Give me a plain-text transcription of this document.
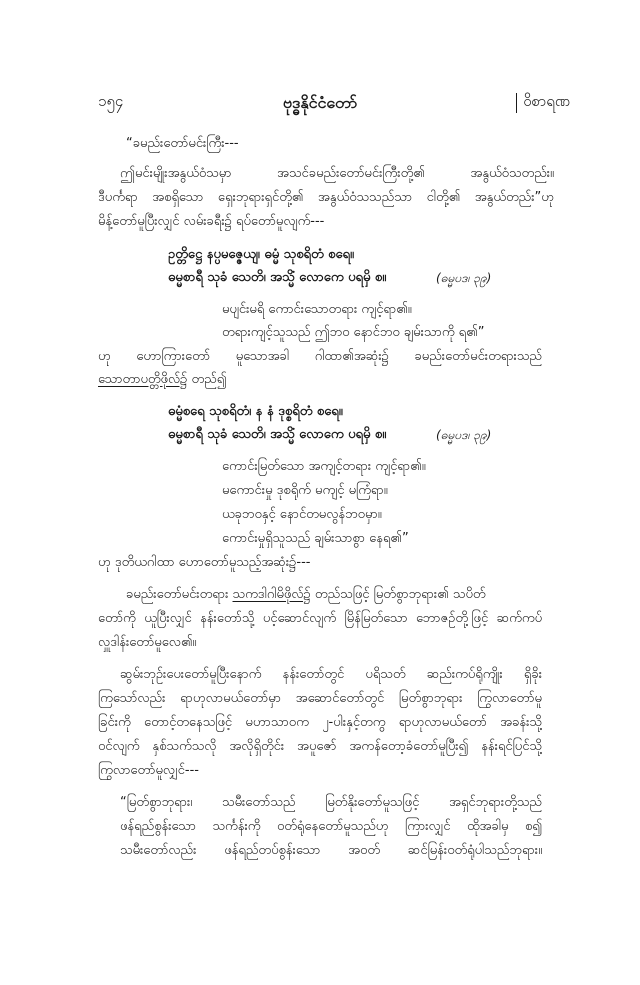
၁၅၄	ဗုဒ္ဓနိုင်ငံတော်	ဝိစာရဏ
“ခမည်းတော်မင်းကြီး---
ဤမင်းမျိုးအနွယ်ဝံသမှာ အသင်ခမည်းတော်မင်းကြီးတို့၏ အနွယ်ဝံသတည်း။
ဒီပင်္ကရာ အစရှိသော ရှေးဘုရားရှင်တို့၏ အနွယ်ဝံသသည်သာ ငါတို့၏ အနွယ်တည်း”ဟု
မိန့်တော်မူပြီးလျှင် လမ်းခရီး၌ ရပ်တော်မူလျက်---
ဥတ္တိဋ္ဌေ နပ္ပမဇ္ဇေယျ၊ ဓမ္မံ သုစရိတံ စရေ။
ဓမ္မစာရီ သုခံ သေတိ၊ အသ္မိံ လောကေ ပရမှိ စ။	(ဓမ္မပဒ၊ ၃၉)
မပျင်းမရိ ကောင်းသောတရား ကျင့်ရာ၏။
တရားကျင့်သူသည် ဤဘဝ နောင်ဘဝ ချမ်းသာကို ရ၏”
ဟု ဟောကြားတော် မူသောအခါ ဂါထာ၏အဆုံး၌ ခမည်းတော်မင်းတရားသည်
သောတာပတ္တိဖိုလ်၌ တည်၍
ဓမ္မံစရေ သုစရိတံ၊ န နံ ဒုစ္စရိတံ စရေ။
ဓမ္မစာရီ သုခံ သေတိ၊ အသ္မိံ လောကေ ပရမှိ စ။	(ဓမ္မပဒ၊ ၃၉)
ကောင်းမြတ်သော အကျင့်တရား ကျင့်ရာ၏။
မကောင်းမှု ဒုစရိုက် မကျင့် မကြံရာ။
ယခုဘဝနှင့် နောင်တမလွန်ဘဝမှာ။
ကောင်းမှုရှိသူသည် ချမ်းသာစွာ နေရ၏”
ဟု ဒုတိယဂါထာ ဟောတော်မူသည့်အဆုံး၌---
ခမည်းတော်မင်းတရား သကဒါဂါမိဖိုလ်၌ တည်သဖြင့် မြတ်စွာဘုရား၏ သပိတ်
တော်ကို ယူပြီးလျှင် နန်းတော်သို့ ပင့်ဆောင်လျက် မြိန်မြတ်သော ဘောဇဉ်တို့ဖြင့် ဆက်ကပ်
လှူဒါန်းတော်မူလေ၏။
ဆွမ်းဘုဉ်းပေးတော်မူပြီးနောက် နန်းတော်တွင် ပရိသတ် ဆည်းကပ်ရိုကျိုး ရှိခိုး
ကြသော်လည်း ရာဟုလာမယ်တော်မှာ အဆောင်တော်တွင် မြတ်စွာဘုရား ကြွလာတော်မူ
ခြင်းကို တောင့်တနေသဖြင့် မဟာသာဝက ၂-ပါးနှင့်တကွ ရာဟုလာမယ်တော် အခန်းသို့
ဝင်လျက် နှစ်သက်သလို အလိုရှိတိုင်း အပူဇော် အကန်တော့ခံတော်မူပြီး၍ နန်းရင်ပြင်သို့
ကြွလာတော်မူလျှင်---
“မြတ်စွာဘုရား၊ သမီးတော်သည် မြတ်နိုးတော်မူသဖြင့် အရှင်ဘုရားတို့သည်
ဖန်ရည်စွန်းသော သင်္ကန်းကို ဝတ်ရုံနေတော်မူသည်ဟု ကြားလျှင် ထိုအခါမှ စ၍
သမီးတော်လည်း ဖန်ရည်တပ်စွန်းသော အဝတ် ဆင်မြန်းဝတ်ရုံပါသည်ဘုရား။
